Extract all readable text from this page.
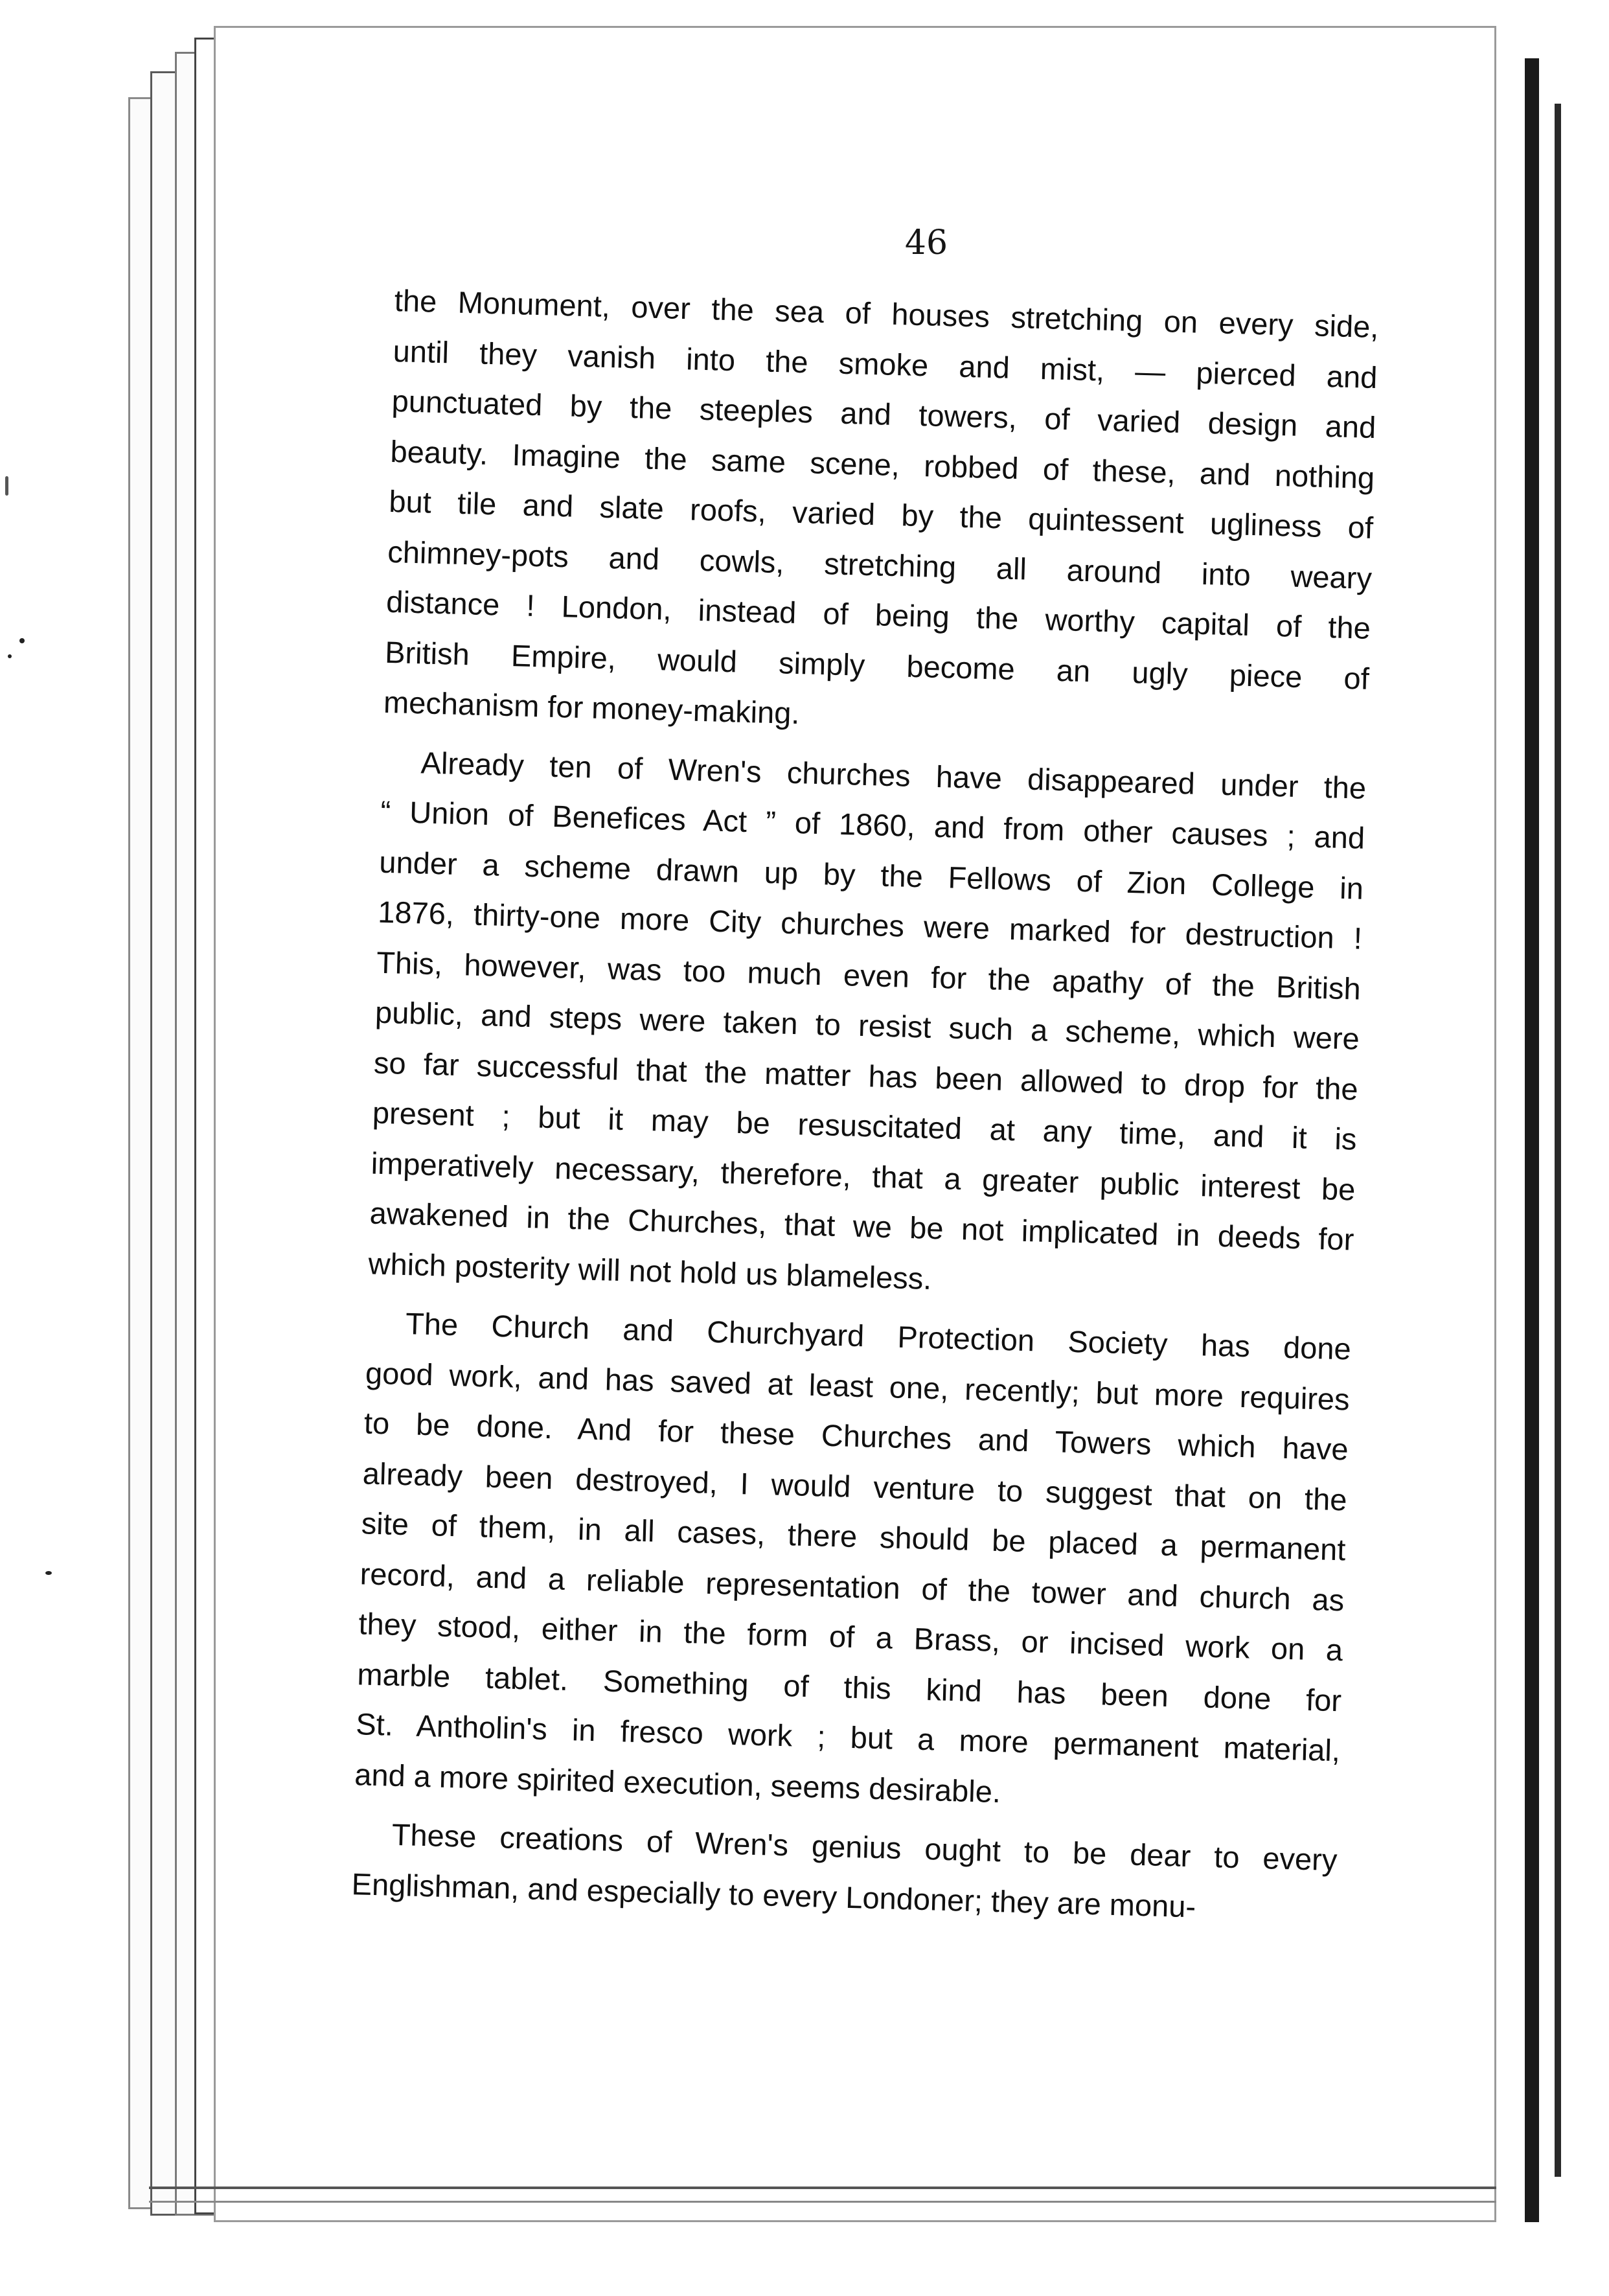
46
the Monument, over the sea of houses stretching on every side,
until they vanish into the smoke and mist, — pierced and
punctuated by the steeples and towers, of varied design and
beauty. Imagine the same scene, robbed of these, and nothing
but tile and slate roofs, varied by the quintessent ugliness of
chimney-pots and cowls, stretching all around into weary
distance ! London, instead of being the worthy capital of the
British Empire, would simply become an ugly piece of
mechanism for money-making.
Already ten of Wren's churches have disappeared under the
“ Union of Benefices Act ” of 1860, and from other causes ; and
under a scheme drawn up by the Fellows of Zion College in
1876, thirty-one more City churches were marked for destruction !
This, however, was too much even for the apathy of the British
public, and steps were taken to resist such a scheme, which were
so far successful that the matter has been allowed to drop for the
present ; but it may be resuscitated at any time, and it is
imperatively necessary, therefore, that a greater public interest be
awakened in the Churches, that we be not implicated in deeds for
which posterity will not hold us blameless.
The Church and Churchyard Protection Society has done
good work, and has saved at least one, recently; but more requires
to be done. And for these Churches and Towers which have
already been destroyed, I would venture to suggest that on the
site of them, in all cases, there should be placed a permanent
record, and a reliable representation of the tower and church as
they stood, either in the form of a Brass, or incised work on a
marble tablet. Something of this kind has been done for
St. Antholin's in fresco work ; but a more permanent material,
and a more spirited execution, seems desirable.
These creations of Wren's genius ought to be dear to every
Englishman, and especially to every Londoner; they are monu-
